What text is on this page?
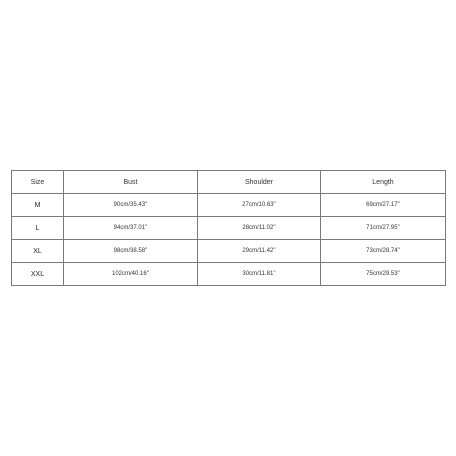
Size	Bust	Shoulder	Length
M	90cm/35.43''	27cm/10.63''	69cm/27.17''
L	94cm/37.01''	28cm/11.02''	71cm/27.95''
XL	98cm/38.58''	29cm/11.42''	73cm/28.74''
XXL	102cm/40.16''	30cm/11.81''	75cm/29.53''
